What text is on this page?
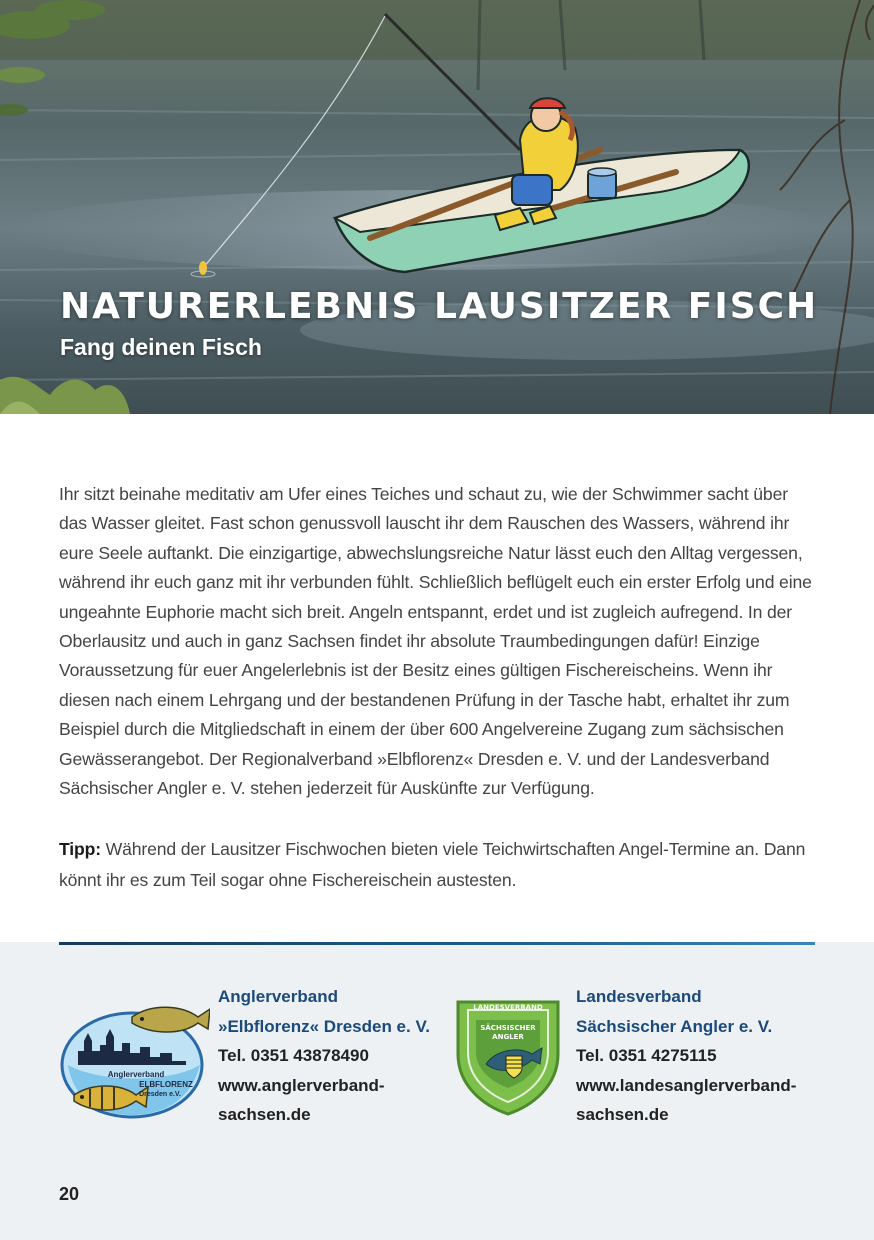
NATURERLEBNIS LAUSITZER FISCH
Fang deinen Fisch

Ihr sitzt beinahe meditativ am Ufer eines Teiches und schaut zu, wie der Schwimmer sacht über das Wasser gleitet. Fast schon genussvoll lauscht ihr dem Rauschen des Wassers, während ihr eure Seele auftankt. Die einzigartige, abwechslungsreiche Natur lässt euch den Alltag vergessen, während ihr euch ganz mit ihr verbunden fühlt. Schließlich beflügelt euch ein erster Erfolg und eine ungeahnte Euphorie macht sich breit. Angeln entspannt, erdet und ist zugleich aufregend. In der Oberlausitz und auch in ganz Sachsen findet ihr absolute Traumbedingungen dafür! Einzige Voraussetzung für euer Angelerlebnis ist der Besitz eines gültigen Fischereischeins. Wenn ihr diesen nach einem Lehrgang und der bestandenen Prüfung in der Tasche habt, erhaltet ihr zum Beispiel durch die Mitgliedschaft in einem der über 600 Angelvereine Zugang zum sächsischen Gewässerangebot. Der Regionalverband »Elbflorenz« Dresden e. V. und der Landesverband Sächsischer Angler e. V. stehen jederzeit für Auskünfte zur Verfügung.

Tipp: Während der Lausitzer Fischwochen bieten viele Teichwirtschaften Angel-Termine an. Dann könnt ihr es zum Teil sogar ohne Fischereischein austesten.

Anglerverband
ELBFLORENZ
Dresden e.V.
Anglerverband
»Elbflorenz« Dresden e. V.
Tel. 0351 43878490
www.anglerverband-
sachsen.de
LANDESVERBAND
SÄCHSISCHER
ANGLER
Landesverband
Sächsischer Angler e. V.
Tel. 0351 4275115
www.landesanglerverband-
sachsen.de
20
